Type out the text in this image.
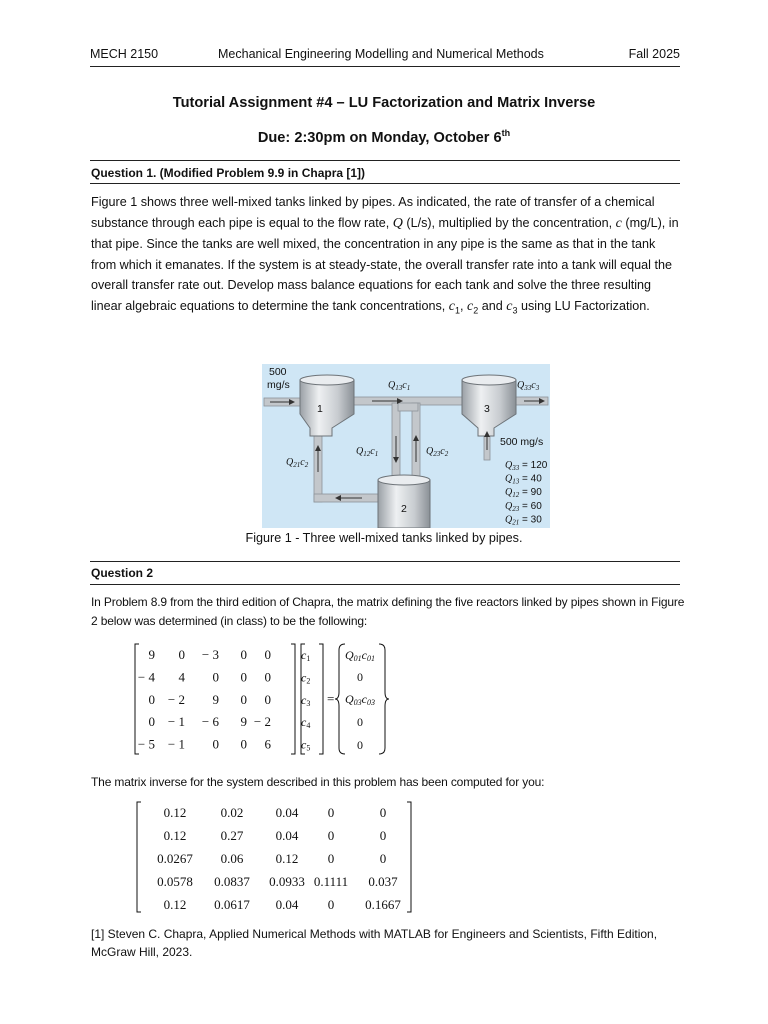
MECH 2150	Mechanical Engineering Modelling and Numerical Methods	Fall 2025
Tutorial Assignment #4 – LU Factorization and Matrix Inverse
Due: 2:30pm on Monday, October 6th
Question 1. (Modified Problem 9.9 in Chapra [1])
Figure 1 shows three well-mixed tanks linked by pipes. As indicated, the rate of transfer of a chemical substance through each pipe is equal to the flow rate, Q (L/s), multiplied by the concentration, c (mg/L), in that pipe. Since the tanks are well mixed, the concentration in any pipe is the same as that in the tank from which it emanates. If the system is at steady-state, the overall transfer rate into a tank will equal the overall transfer rate out. Develop mass balance equations for each tank and solve the three resulting linear algebraic equations to determine the tank concentrations, $c_1$, $c_2$ and $c_3$ using LU Factorization.
500
mg/s
500 mg/s
1
2
3
$Q_{13}c_1$	$Q_{33}c_3$
$Q_{21}c_2$
$Q_{12}c_1$	$Q_{23}c_2$
$Q_{33} = 120$
$Q_{13} = 40$
$Q_{12} = 90$
$Q_{23} = 60$
$Q_{21} = 30$
Figure 1 - Three well-mixed tanks linked by pipes.
Question 2
In Problem 8.9 from the third edition of Chapra, the matrix defining the five reactors linked by pipes shown in Figure 2 below was determined (in class) to be the following:
9 0 − 3 0 0
− 4 4 0 0 0
0 − 2 9 0 0
0 − 1 − 6 9 − 2
− 5 − 1 0 0 6
c1
c2
c3
c4
c5
=
Q01c01
0
Q03c03
0
0
The matrix inverse for the system described in this problem has been computed for you:
0.12	0.02 0.04 0	0
0.12	0.27 0.04 0	0
0.0267 0.06 0.12 0	0
0.0578 0.0837 0.0933 0.1111 0.037
0.12 0.0617 0.04 0 0.1667
[1] Steven C. Chapra, Applied Numerical Methods with MATLAB for Engineers and Scientists, Fifth Edition, McGraw Hill, 2023.
